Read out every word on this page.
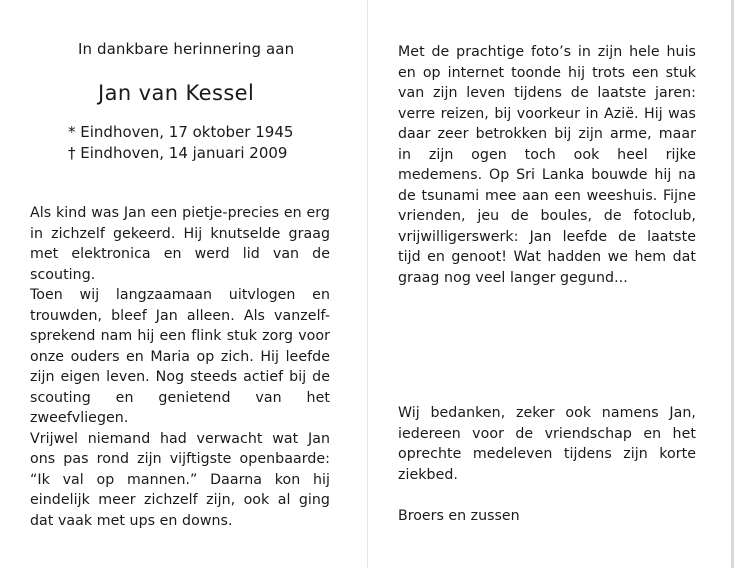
In dankbare herinnering aan
Jan van Kessel
* Eindhoven, 17 oktober 1945
† Eindhoven, 14 januari 2009

Als kind was Jan een pietje-precies en erg in zichzelf gekeerd. Hij knutselde graag met elektronica en werd lid van de scouting.

Toen wij langzaamaan uitvlogen en trouwden, bleef Jan alleen. Als vanzelf-sprekend nam hij een flink stuk zorg voor onze ouders en Maria op zich. Hij leefde zijn eigen leven. Nog steeds actief bij de scouting en genietend van het zweefvliegen.

Vrijwel niemand had verwacht wat Jan ons pas rond zijn vijftigste openbaarde: “Ik val op mannen.” Daarna kon hij eindelijk meer zichzelf zijn, ook al ging dat vaak met ups en downs.

Met de prachtige foto’s in zijn hele huis en op internet toonde hij trots een stuk van zijn leven tijdens de laatste jaren: verre reizen, bij voorkeur in Azië. Hij was daar zeer betrokken bij zijn arme, maar in zijn ogen toch ook heel rijke medemens. Op Sri Lanka bouwde hij na de tsunami mee aan een weeshuis. Fijne vrienden, jeu de boules, de fotoclub, vrijwilligerswerk: Jan leefde de laatste tijd en genoot! Wat hadden we hem dat graag nog veel langer gegund...

Wij bedanken, zeker ook namens Jan, iedereen voor de vriendschap en het oprechte medeleven tijdens zijn korte ziekbed.

Broers en zussen
